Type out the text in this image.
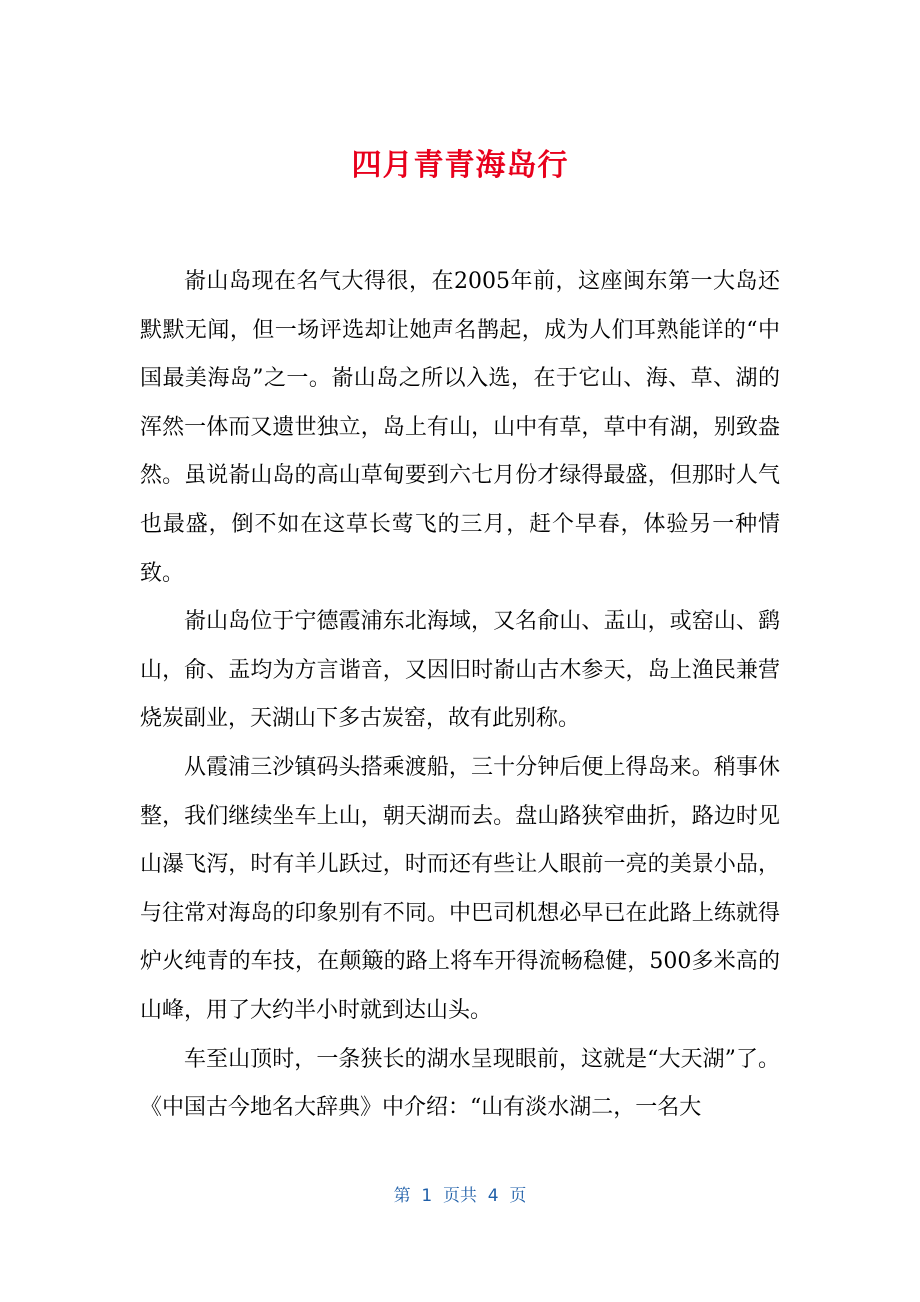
四月青青海岛行

嵛山岛现在名气大得很，在2005年前，这座闽东第一大岛还默默无闻，但一场评选却让她声名鹊起，成为人们耳熟能详的“中国最美海岛”之一。嵛山岛之所以入选，在于它山、海、草、湖的浑然一体而又遗世独立，岛上有山，山中有草，草中有湖，别致盎然。虽说嵛山岛的高山草甸要到六七月份才绿得最盛，但那时人气也最盛，倒不如在这草长莺飞的三月，赶个早春，体验另一种情致。

嵛山岛位于宁德霞浦东北海域，又名俞山、盂山，或窑山、鹞山，俞、盂均为方言谐音，又因旧时嵛山古木参天，岛上渔民兼营烧炭副业，天湖山下多古炭窑，故有此别称。

从霞浦三沙镇码头搭乘渡船，三十分钟后便上得岛来。稍事休整，我们继续坐车上山，朝天湖而去。盘山路狭窄曲折，路边时见山瀑飞泻，时有羊儿跃过，时而还有些让人眼前一亮的美景小品，与往常对海岛的印象别有不同。中巴司机想必早已在此路上练就得炉火纯青的车技，在颠簸的路上将车开得流畅稳健，500多米高的山峰，用了大约半小时就到达山头。

车至山顶时，一条狭长的湖水呈现眼前，这就是“大天湖”了。《中国古今地名大辞典》中介绍：“山有淡水湖二，一名大

第  1  页共  4  页
